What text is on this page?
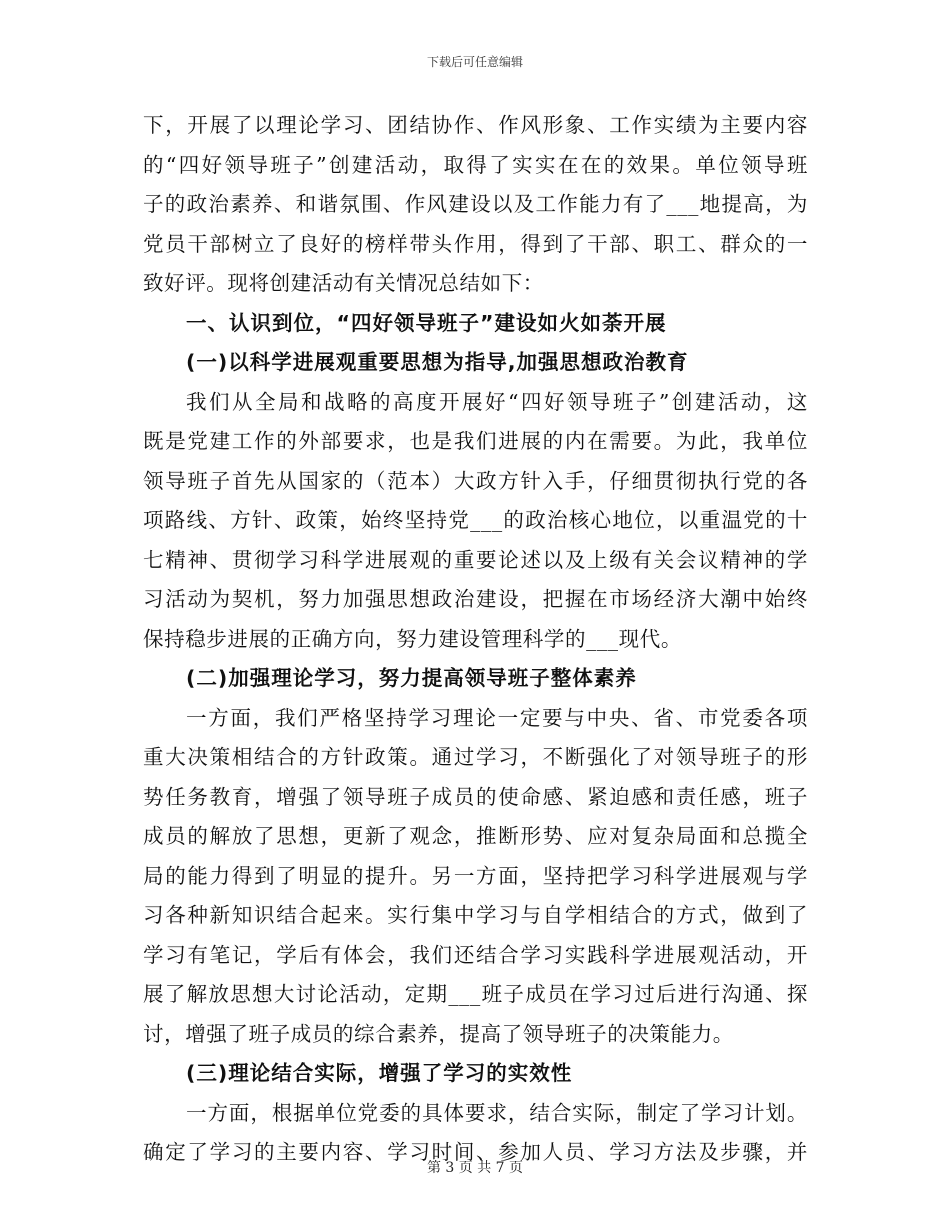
下载后可任意编辑
下，开展了以理论学习、团结协作、作风形象、工作实绩为主要内容
的“四好领导班子”创建活动，取得了实实在在的效果。单位领导班
子的政治素养、和谐氛围、作风建设以及工作能力有了___地提高，为
党员干部树立了良好的榜样带头作用，得到了干部、职工、群众的一
致好评。现将创建活动有关情况总结如下：
一、认识到位，“四好领导班子”建设如火如荼开展
(一)以科学进展观重要思想为指导,加强思想政治教育
我们从全局和战略的高度开展好“四好领导班子”创建活动，这
既是党建工作的外部要求，也是我们进展的内在需要。为此，我单位
领导班子首先从国家的（范本）大政方针入手，仔细贯彻执行党的各
项路线、方针、政策，始终坚持党___的政治核心地位，以重温党的十
七精神、贯彻学习科学进展观的重要论述以及上级有关会议精神的学
习活动为契机，努力加强思想政治建设，把握在市场经济大潮中始终
保持稳步进展的正确方向，努力建设管理科学的___现代。
(二)加强理论学习，努力提高领导班子整体素养
一方面，我们严格坚持学习理论一定要与中央、省、市党委各项
重大决策相结合的方针政策。通过学习，不断强化了对领导班子的形
势任务教育，增强了领导班子成员的使命感、紧迫感和责任感，班子
成员的解放了思想，更新了观念，推断形势、应对复杂局面和总揽全
局的能力得到了明显的提升。另一方面，坚持把学习科学进展观与学
习各种新知识结合起来。实行集中学习与自学相结合的方式，做到了
学习有笔记，学后有体会，我们还结合学习实践科学进展观活动，开
展了解放思想大讨论活动，定期___班子成员在学习过后进行沟通、探
讨，增强了班子成员的综合素养，提高了领导班子的决策能力。
(三)理论结合实际，增强了学习的实效性
一方面，根据单位党委的具体要求，结合实际，制定了学习计划。
确定了学习的主要内容、学习时间、参加人员、学习方法及步骤，并
第 3 页 共 7 页
